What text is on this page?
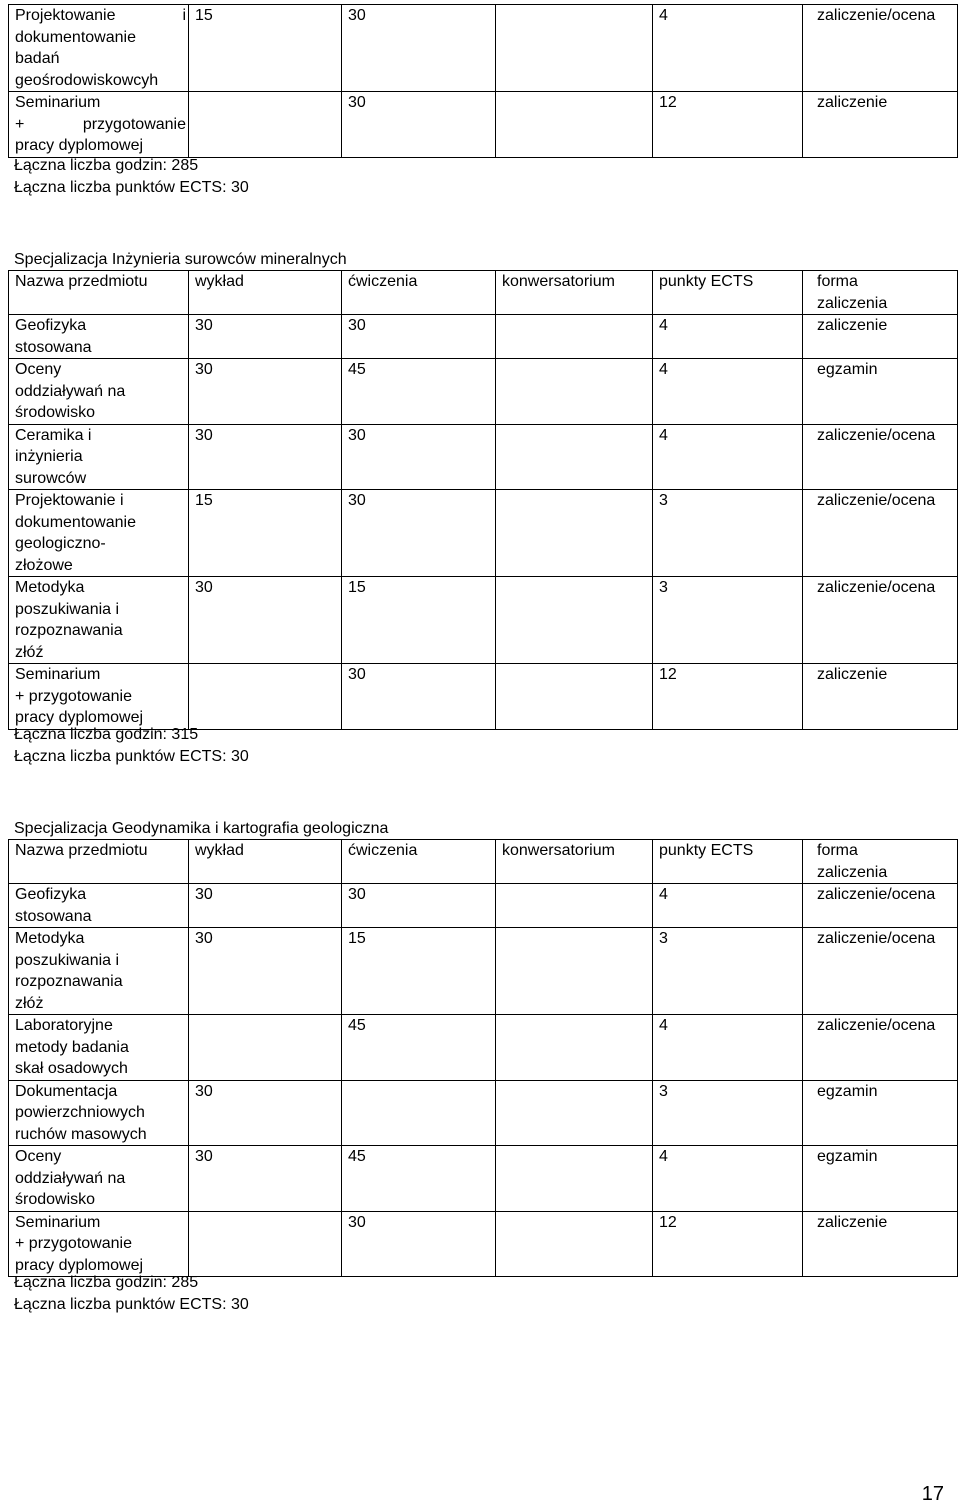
Projektowanie i
dokumentowanie
badań
geośrodowiskowcyh	15	30		4	zaliczenie/ocena

Seminarium
+ przygotowanie
pracy dyplomowej		30		12	zaliczenie
Łączna liczba godzin: 285
Łączna liczba punktów ECTS: 30
Specjalizacja Inżynieria surowców mineralnych
Nazwa przedmiotu	wykład	ćwiczenia	konwersatorium	punkty ECTS	forma
zaliczenia

Geofizyka
stosowana	30	30		4	zaliczenie

Oceny
oddziaływań na
środowisko	30	45		4	egzamin

Ceramika i
inżynieria
surowców	30	30		4	zaliczenie/ocena

Projektowanie i
dokumentowanie
geologiczno-
złożowe	15	30		3	zaliczenie/ocena

Metodyka
poszukiwania i
rozpoznawania
złóź	30	15		3	zaliczenie/ocena

Seminarium
+ przygotowanie
pracy dyplomowej		30		12	zaliczenie
Łączna liczba godzin: 315
Łączna liczba punktów ECTS: 30
Specjalizacja Geodynamika i kartografia geologiczna
Nazwa przedmiotu	wykład	ćwiczenia	konwersatorium	punkty ECTS	forma
zaliczenia

Geofizyka
stosowana	30	30		4	zaliczenie/ocena

Metodyka
poszukiwania i
rozpoznawania
złóż	30	15		3	zaliczenie/ocena

Laboratoryjne
metody badania
skał osadowych		45		4	zaliczenie/ocena

Dokumentacja
powierzchniowych
ruchów masowych	30			3	egzamin

Oceny
oddziaływań na
środowisko	30	45		4	egzamin

Seminarium
+ przygotowanie
pracy dyplomowej		30		12	zaliczenie
Łączna liczba godzin: 285
Łączna liczba punktów ECTS: 30
17
